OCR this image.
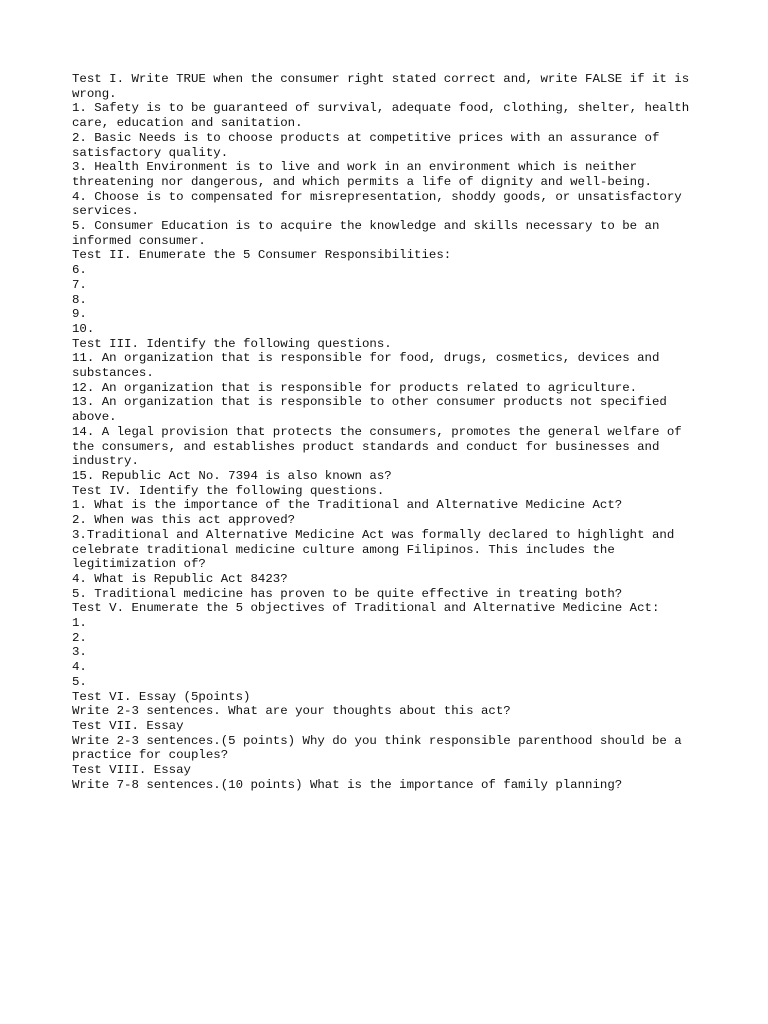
Test I. Write TRUE when the consumer right stated correct and, write FALSE if it is
wrong.
1. Safety is to be guaranteed of survival, adequate food, clothing, shelter, health
care, education and sanitation.
2. Basic Needs is to choose products at competitive prices with an assurance of
satisfactory quality.
3. Health Environment is to live and work in an environment which is neither
threatening nor dangerous, and which permits a life of dignity and well-being.
4. Choose is to compensated for misrepresentation, shoddy goods, or unsatisfactory
services.
5. Consumer Education is to acquire the knowledge and skills necessary to be an
informed consumer.
Test II. Enumerate the 5 Consumer Responsibilities:
6.
7.
8.
9.
10.
Test III. Identify the following questions.
11. An organization that is responsible for food, drugs, cosmetics, devices and
substances.
12. An organization that is responsible for products related to agriculture.
13. An organization that is responsible to other consumer products not specified
above.
14. A legal provision that protects the consumers, promotes the general welfare of
the consumers, and establishes product standards and conduct for businesses and
industry.
15. Republic Act No. 7394 is also known as?
Test IV. Identify the following questions.
1. What is the importance of the Traditional and Alternative Medicine Act?
2. When was this act approved?
3.Traditional and Alternative Medicine Act was formally declared to highlight and
celebrate traditional medicine culture among Filipinos. This includes the
legitimization of?
4. What is Republic Act 8423?
5. Traditional medicine has proven to be quite effective in treating both?
Test V. Enumerate the 5 objectives of Traditional and Alternative Medicine Act:
1.
2.
3.
4.
5.
Test VI. Essay (5points)
Write 2-3 sentences. What are your thoughts about this act?
Test VII. Essay
Write 2-3 sentences.(5 points) Why do you think responsible parenthood should be a
practice for couples?
Test VIII. Essay
Write 7-8 sentences.(10 points) What is the importance of family planning?
